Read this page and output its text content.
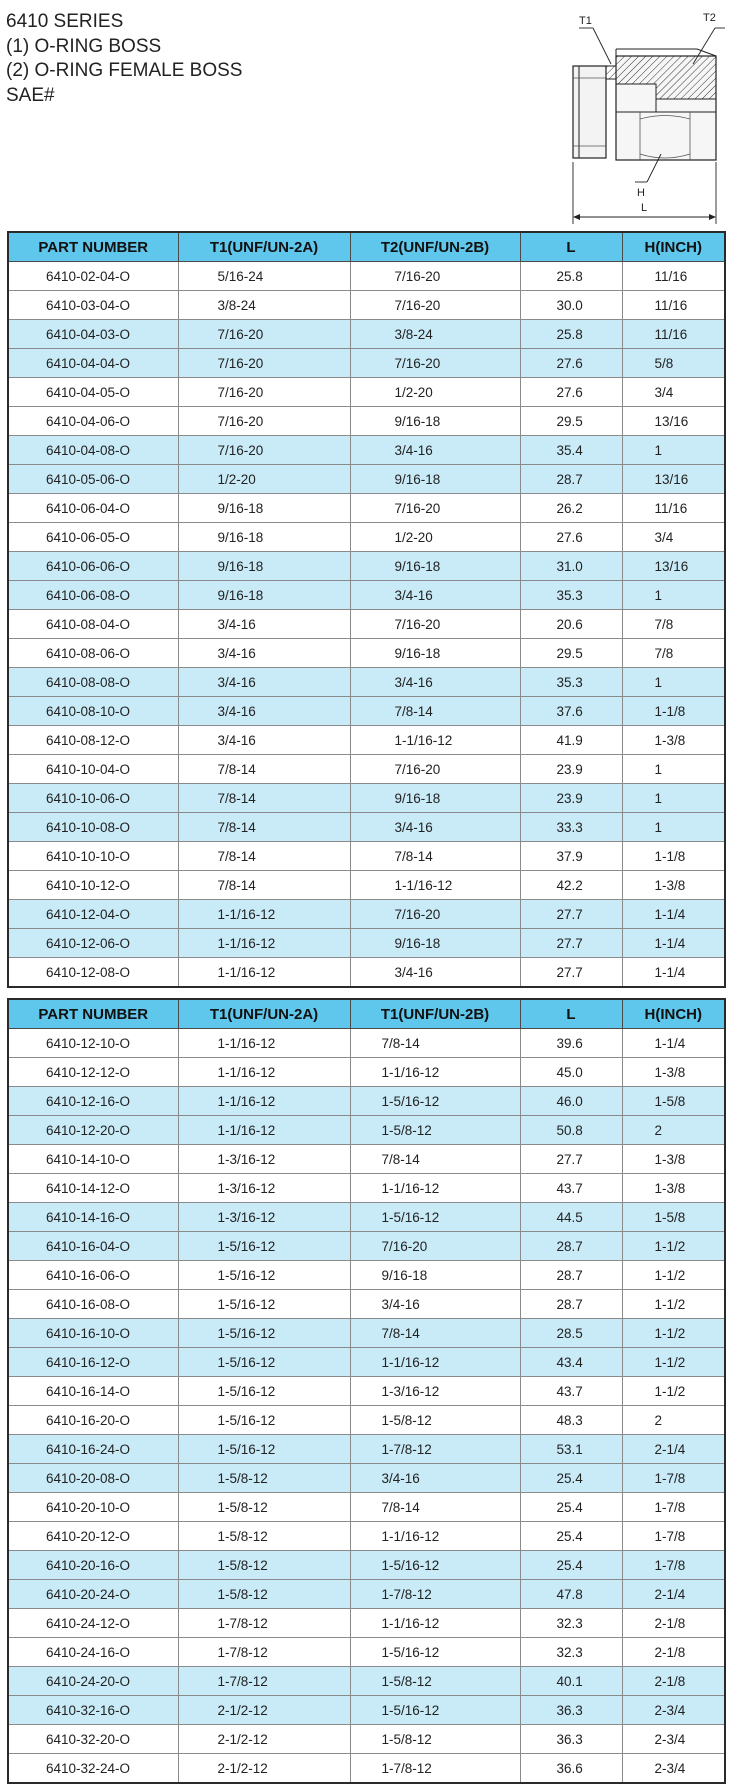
6410 SERIES
(1) O-RING BOSS
(2) O-RING FEMALE BOSS
SAE#
T1	T2
H
L
PART NUMBER	T1(UNF/UN-2A)	T2(UNF/UN-2B)	L	H(INCH)
6410-02-04-O	5/16-24	7/16-20	25.8	11/16
6410-03-04-O	3/8-24	7/16-20	30.0	11/16
6410-04-03-O	7/16-20	3/8-24	25.8	11/16
6410-04-04-O	7/16-20	7/16-20	27.6	5/8
6410-04-05-O	7/16-20	1/2-20	27.6	3/4
6410-04-06-O	7/16-20	9/16-18	29.5	13/16
6410-04-08-O	7/16-20	3/4-16	35.4	1
6410-05-06-O	1/2-20	9/16-18	28.7	13/16
6410-06-04-O	9/16-18	7/16-20	26.2	11/16
6410-06-05-O	9/16-18	1/2-20	27.6	3/4
6410-06-06-O	9/16-18	9/16-18	31.0	13/16
6410-06-08-O	9/16-18	3/4-16	35.3	1
6410-08-04-O	3/4-16	7/16-20	20.6	7/8
6410-08-06-O	3/4-16	9/16-18	29.5	7/8
6410-08-08-O	3/4-16	3/4-16	35.3	1
6410-08-10-O	3/4-16	7/8-14	37.6	1-1/8
6410-08-12-O	3/4-16	1-1/16-12	41.9	1-3/8
6410-10-04-O	7/8-14	7/16-20	23.9	1
6410-10-06-O	7/8-14	9/16-18	23.9	1
6410-10-08-O	7/8-14	3/4-16	33.3	1
6410-10-10-O	7/8-14	7/8-14	37.9	1-1/8
6410-10-12-O	7/8-14	1-1/16-12	42.2	1-3/8
6410-12-04-O	1-1/16-12	7/16-20	27.7	1-1/4
6410-12-06-O	1-1/16-12	9/16-18	27.7	1-1/4
6410-12-08-O	1-1/16-12	3/4-16	27.7	1-1/4
PART NUMBER	T1(UNF/UN-2A)	T1(UNF/UN-2B)	L	H(INCH)
6410-12-10-O	1-1/16-12	7/8-14	39.6	1-1/4
6410-12-12-O	1-1/16-12	1-1/16-12	45.0	1-3/8
6410-12-16-O	1-1/16-12	1-5/16-12	46.0	1-5/8
6410-12-20-O	1-1/16-12	1-5/8-12	50.8	2
6410-14-10-O	1-3/16-12	7/8-14	27.7	1-3/8
6410-14-12-O	1-3/16-12	1-1/16-12	43.7	1-3/8
6410-14-16-O	1-3/16-12	1-5/16-12	44.5	1-5/8
6410-16-04-O	1-5/16-12	7/16-20	28.7	1-1/2
6410-16-06-O	1-5/16-12	9/16-18	28.7	1-1/2
6410-16-08-O	1-5/16-12	3/4-16	28.7	1-1/2
6410-16-10-O	1-5/16-12	7/8-14	28.5	1-1/2
6410-16-12-O	1-5/16-12	1-1/16-12	43.4	1-1/2
6410-16-14-O	1-5/16-12	1-3/16-12	43.7	1-1/2
6410-16-20-O	1-5/16-12	1-5/8-12	48.3	2
6410-16-24-O	1-5/16-12	1-7/8-12	53.1	2-1/4
6410-20-08-O	1-5/8-12	3/4-16	25.4	1-7/8
6410-20-10-O	1-5/8-12	7/8-14	25.4	1-7/8
6410-20-12-O	1-5/8-12	1-1/16-12	25.4	1-7/8
6410-20-16-O	1-5/8-12	1-5/16-12	25.4	1-7/8
6410-20-24-O	1-5/8-12	1-7/8-12	47.8	2-1/4
6410-24-12-O	1-7/8-12	1-1/16-12	32.3	2-1/8
6410-24-16-O	1-7/8-12	1-5/16-12	32.3	2-1/8
6410-24-20-O	1-7/8-12	1-5/8-12	40.1	2-1/8
6410-32-16-O	2-1/2-12	1-5/16-12	36.3	2-3/4
6410-32-20-O	2-1/2-12	1-5/8-12	36.3	2-3/4
6410-32-24-O	2-1/2-12	1-7/8-12	36.6	2-3/4
